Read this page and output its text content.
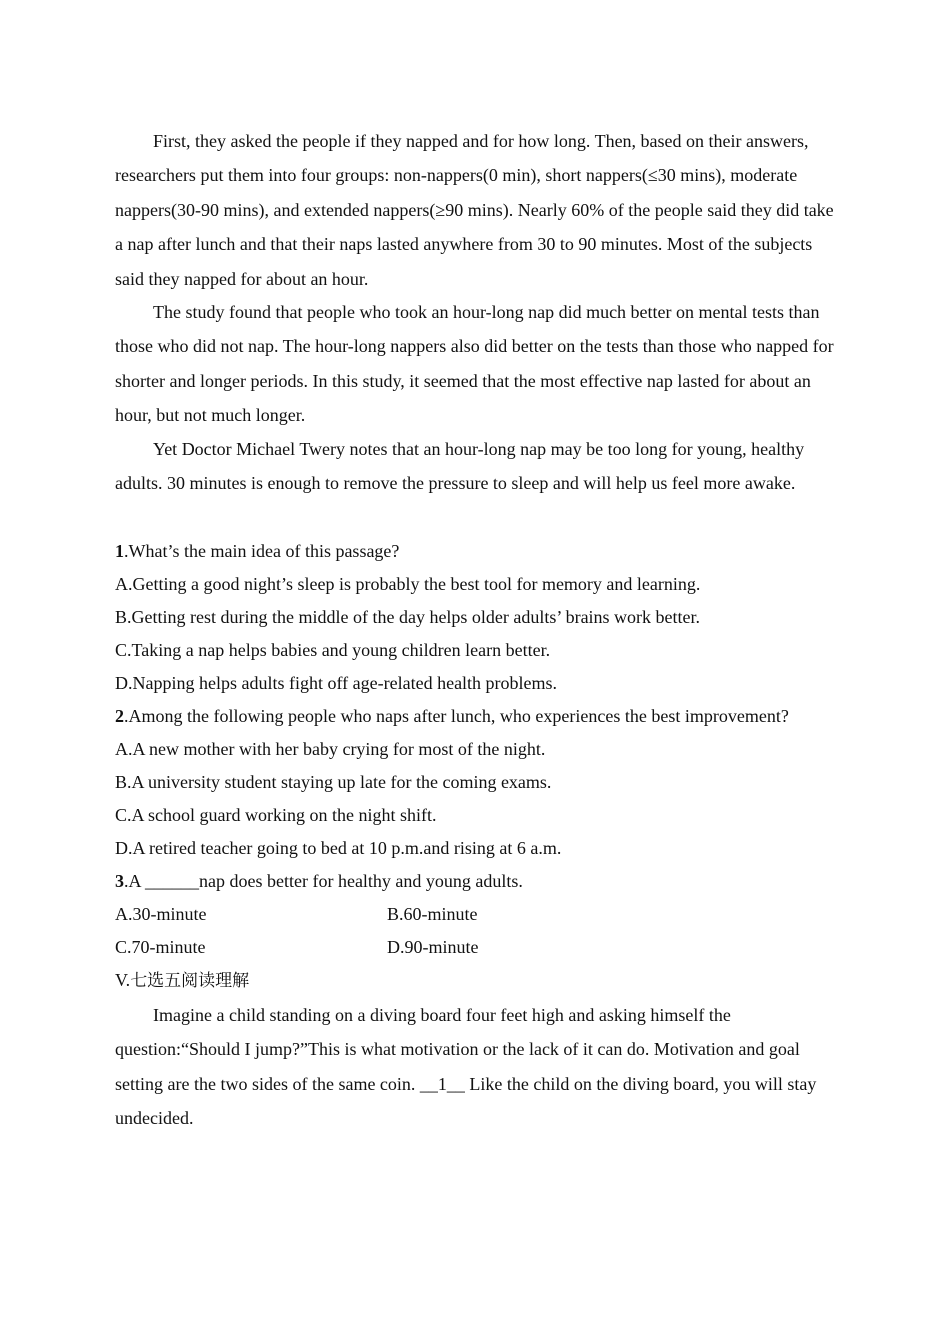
First, they asked the people if they napped and for how long. Then, based on their answers, researchers put them into four groups: non-nappers(0 min), short nappers(≤30 mins), moderate nappers(30-90 mins), and extended nappers(≥90 mins). Nearly 60% of the people said they did take a nap after lunch and that their naps lasted anywhere from 30 to 90 minutes. Most of the subjects said they napped for about an hour.

The study found that people who took an hour-long nap did much better on mental tests than those who did not nap. The hour-long nappers also did better on the tests than those who napped for shorter and longer periods. In this study, it seemed that the most effective nap lasted for about an hour, but not much longer.

Yet Doctor Michael Twery notes that an hour-long nap may be too long for young, healthy adults. 30 minutes is enough to remove the pressure to sleep and will help us feel more awake.

1.What’s the main idea of this passage?
A.Getting a good night’s sleep is probably the best tool for memory and learning.
B.Getting rest during the middle of the day helps older adults’ brains work better.
C.Taking a nap helps babies and young children learn better.
D.Napping helps adults fight off age-related health problems.
2.Among the following people who naps after lunch, who experiences the best improvement?
A.A new mother with her baby crying for most of the night.
B.A university student staying up late for the coming exams.
C.A school guard working on the night shift.
D.A retired teacher going to bed at 10 p.m.and rising at 6 a.m.
3.A ______nap does better for healthy and young adults.
A.30-minute	B.60-minute
C.70-minute	D.90-minute
V.七选五阅读理解

Imagine a child standing on a diving board four feet high and asking himself the question:“Should I jump?”This is what motivation or the lack of it can do. Motivation and goal setting are the two sides of the same coin. __1__ Like the child on the diving board, you will stay undecided.
